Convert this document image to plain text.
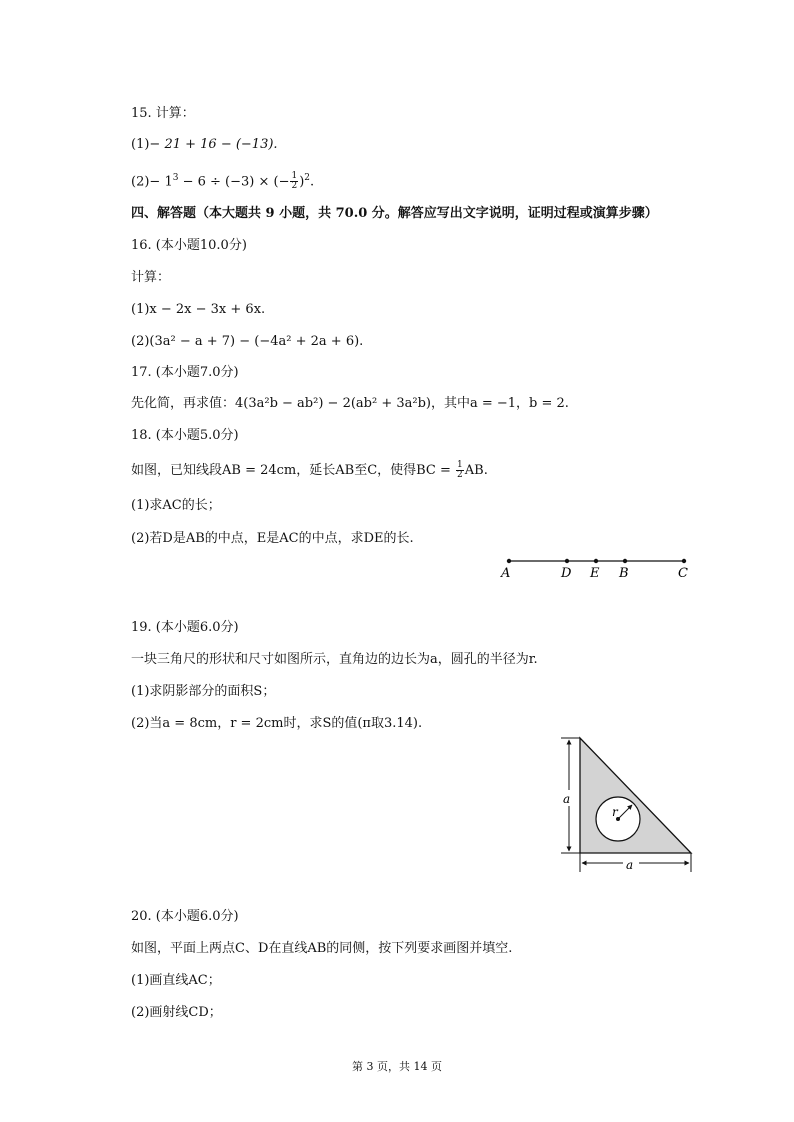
15. 计算：
(1)− 21 + 16 − (−13).
$(2)- 1^3 - 6 \div (-3)$ × (− $\frac{1}{2} )^2$.
四、解答题（本大题共 9 小题，共 70.0 分。解答应写出文字说明，证明过程或演算步骤）
16. (本小题10.0分)
计算：
(1)x − 2x − 3x + 6x.
(2)(3a² − a + 7) − (−4a² + 2a + 6).
17. (本小题7.0分)
先化简，再求值：4(3a²b − ab²) − 2(ab² + 3a²b)，其中a = −1，b = 2.
18. (本小题5.0分)
如图，已知线段AB = 24cm，延长AB至C，使得BC = $\frac{1}{2}$ AB.
(1)求AC的长；
(2)若D是AB的中点，E是AC的中点，求DE的长.
A	D E B	C
19. (本小题6.0分)
一块三角尺的形状和尺寸如图所示，直角边的边长为a，圆孔的半径为r.
(1)求阴影部分的面积S；
(2)当a = 8cm，r = 2cm时，求S的值(π取3.14).
r
a
a
20. (本小题6.0分)
如图，平面上两点C、D在直线AB的同侧，按下列要求画图并填空.
(1)画直线AC；
(2)画射线CD；
第 3 页，共 14 页
